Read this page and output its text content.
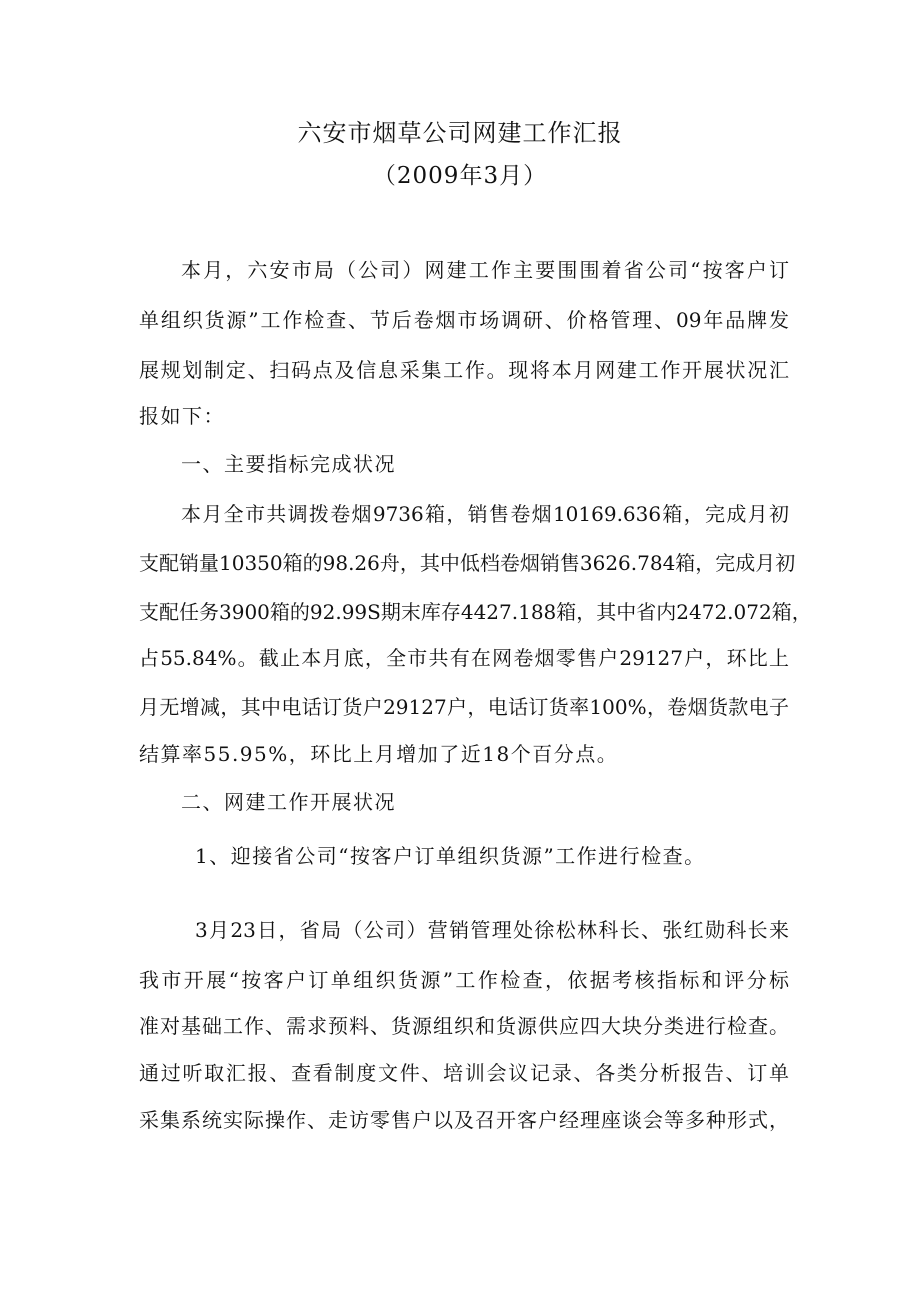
六安市烟草公司网建工作汇报
（2009年3月）
本月，六安市局（公司）网建工作主要围围着省公司“按客户订
单组织货源”工作检查、节后卷烟市场调研、价格管理、09年品牌发
展规划制定、扫码点及信息采集工作。现将本月网建工作开展状况汇
报如下：
一、主要指标完成状况
本月全市共调拨卷烟9736箱，销售卷烟10169.636箱，完成月初
支配销量10350箱的98.26舟，其中低档卷烟销售3626.784箱，完成月初
支配任务3900箱的92.99S期末库存4427.188箱，其中省内2472.072箱，
占55.84%。截止本月底，全市共有在网卷烟零售户29127户，环比上
月无增减，其中电话订货户29127户，电话订货率100%，卷烟货款电子
结算率55.95%，环比上月增加了近18个百分点。
二、网建工作开展状况
1、迎接省公司“按客户订单组织货源”工作进行检查。
3月23日，省局（公司）营销管理处徐松林科长、张红勋科长来
我市开展“按客户订单组织货源”工作检查，依据考核指标和评分标
准对基础工作、需求预料、货源组织和货源供应四大块分类进行检查。
通过听取汇报、查看制度文件、培训会议记录、各类分析报告、订单
采集系统实际操作、走访零售户以及召开客户经理座谈会等多种形式，
